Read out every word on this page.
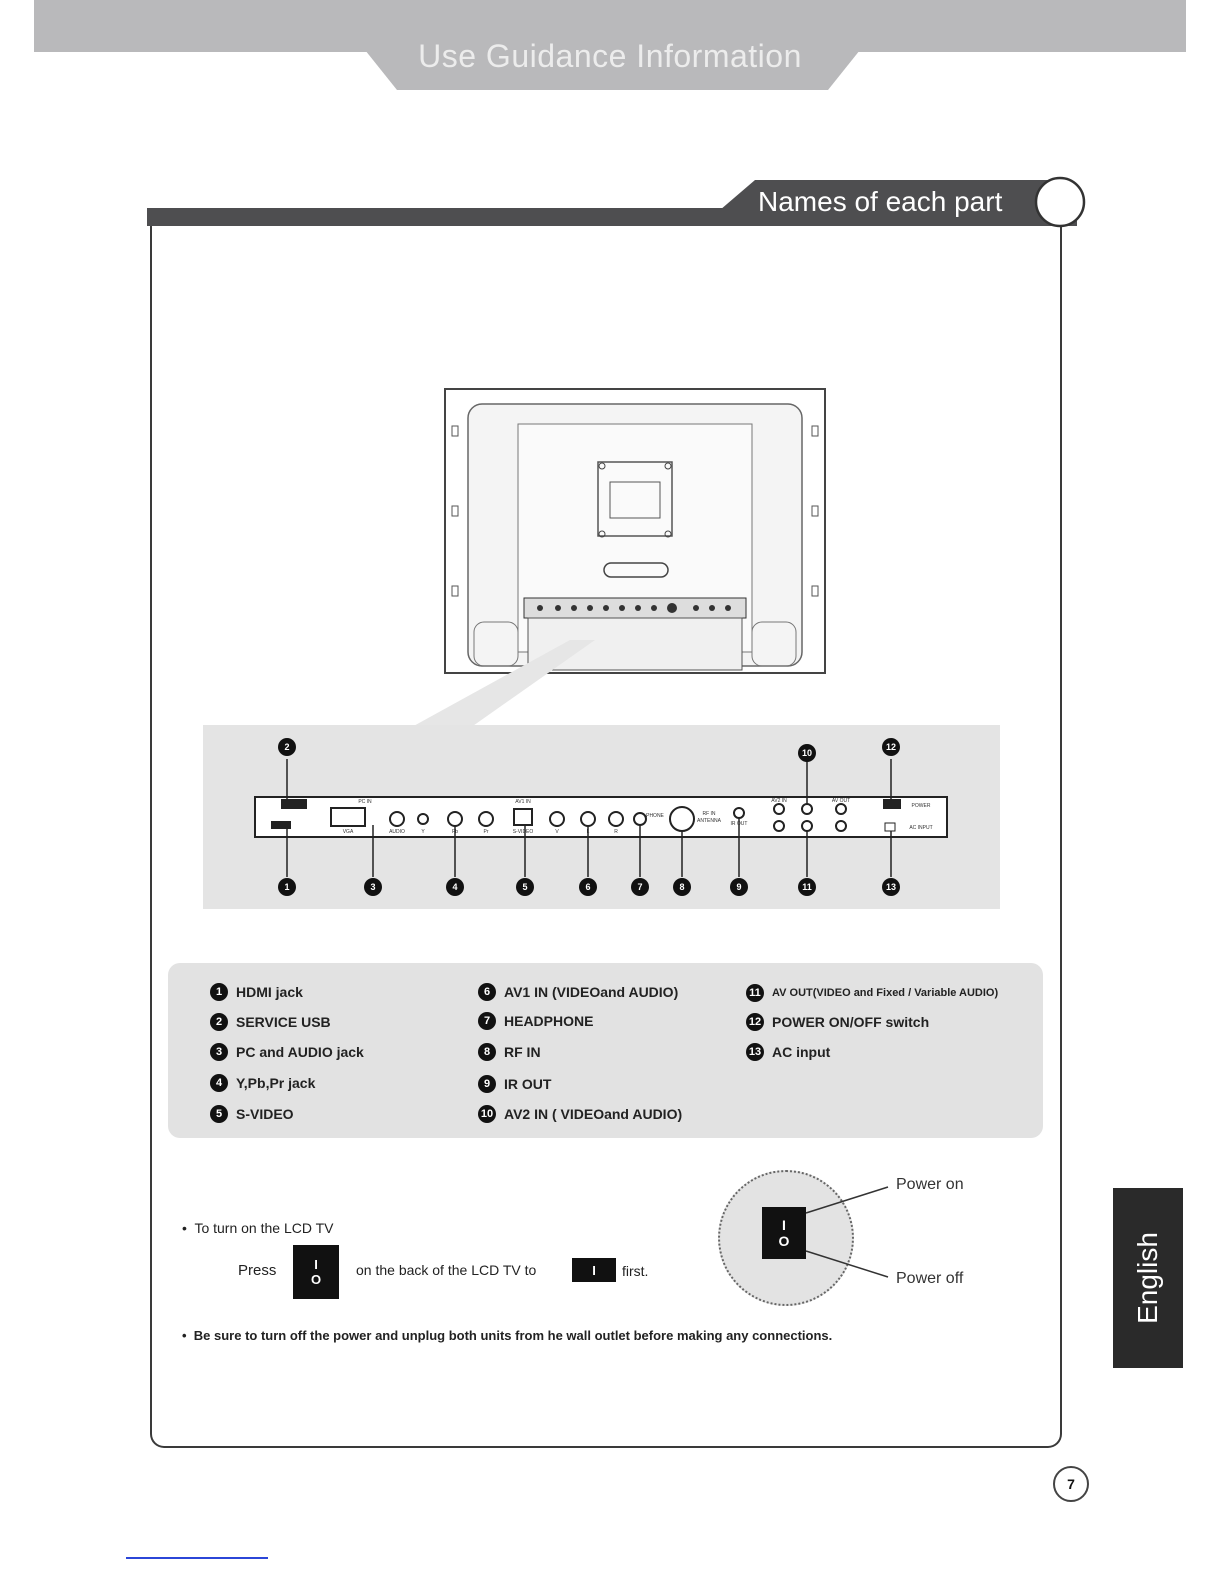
Use Guidance Information
Names of each part
2
10
12
1	3	4	5	6	7	8	9	11	13
PC IN	AV1 IN
AUDIO
VGA	Y	Pb	Pr	S-VIDEO	V	L	R
PHONE	RF IN
ANTENNA IR OUT
AV2 IN	AV OUT
POWER
AC INPUT
1 HDMI jack
2 SERVICE USB
3 PC and AUDIO jack
4 Y,Pb,Pr jack
5 S-VIDEO
6 AV1 IN (VIDEOand AUDIO)
7 HEADPHONE
8 RF IN
9 IR OUT
10 AV2 IN ( VIDEOand AUDIO)
11 AV OUT(VIDEO and Fixed / Variable AUDIO)
12 POWER ON/OFF switch
13 AC input
•  To turn on the LCD TV
Press	I
O
on the back of the LCD TV to	I first.
•  Be sure to turn off the power and unplug both units from he wall outlet before making any connections.
I
O
Power on
Power off	English
7
